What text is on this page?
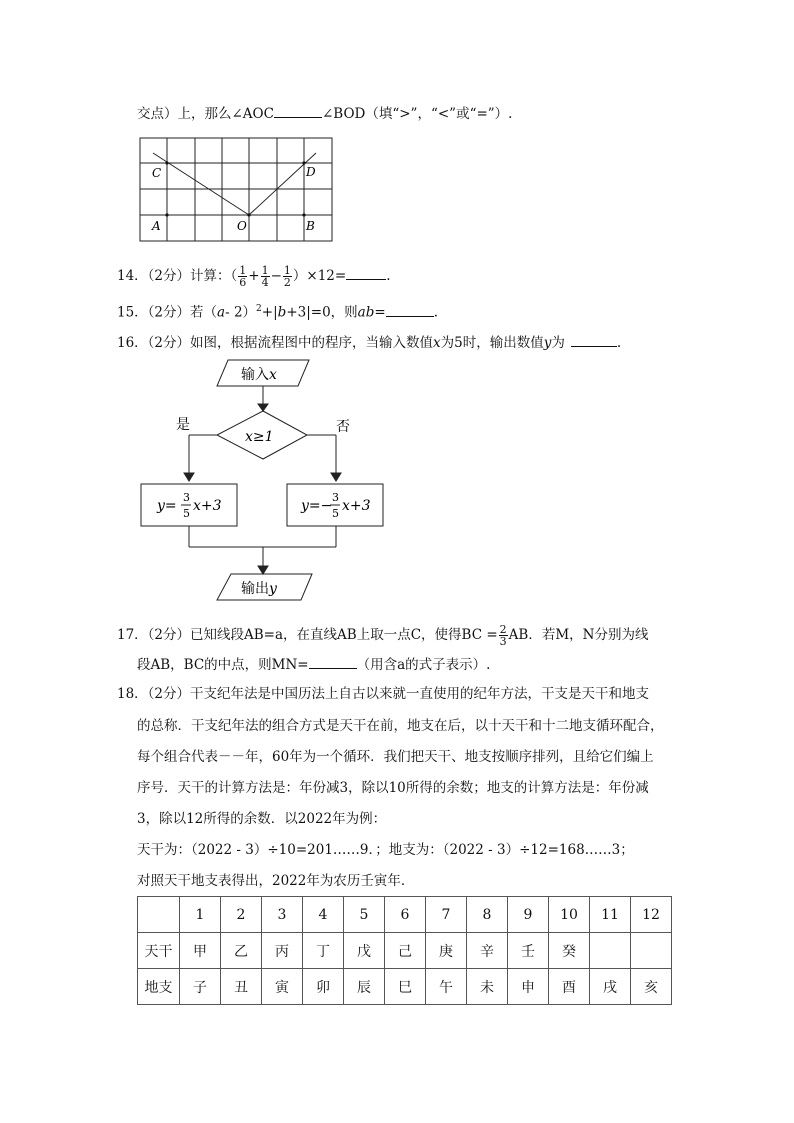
交点）上，那么∠AOC	∠BOD（填“>”，“<”或“=”）.
C	D
A	O	B
14．（2分）计算：（ $\frac{1}{6} + \frac{1}{4} - \frac{1}{2} )\times 12=$	.
15．（2分）若（a- 2）$^2$+|b+3|=0，则ab=	.
16．（2分）如图，根据流程图中的程序，当输入数值x为5时，输出数值y为	.
输入x
x≥1
是	否
y=
3
5 x+3	y=−
3
5 x+3
输出y
17．（2分）已知线段AB=a，在直线AB上取一点C，使得BC = $\frac{2}{3}$ AB．若M，N分别为线
段AB，BC的中点，则MN=	（用含a的式子表示）.
18．（2分）干支纪年法是中国历法上自古以来就一直使用的纪年方法，干支是天干和地支
的总称．干支纪年法的组合方式是天干在前，地支在后，以十天干和十二地支循环配合，
每个组合代表－－年，60年为一个循环．我们把天干、地支按顺序排列，且给它们编上
序号．天干的计算方法是：年份减3，除以10所得的余数；地支的计算方法是：年份减
3，除以12所得的余数．以2022年为例：
天干为：（2022 - 3）÷10=201……9．；地支为：（2022 - 3）÷12=168……3；
对照天干地支表得出，2022年为农历壬寅年．
	1	2	3	4	5	6	7	8	9	10	11	12
天干	甲	乙	丙	丁	戊	己	庚	辛	壬	癸		
地支	子	丑	寅	卯	辰	巳	午	未	申	酉	戌	亥
